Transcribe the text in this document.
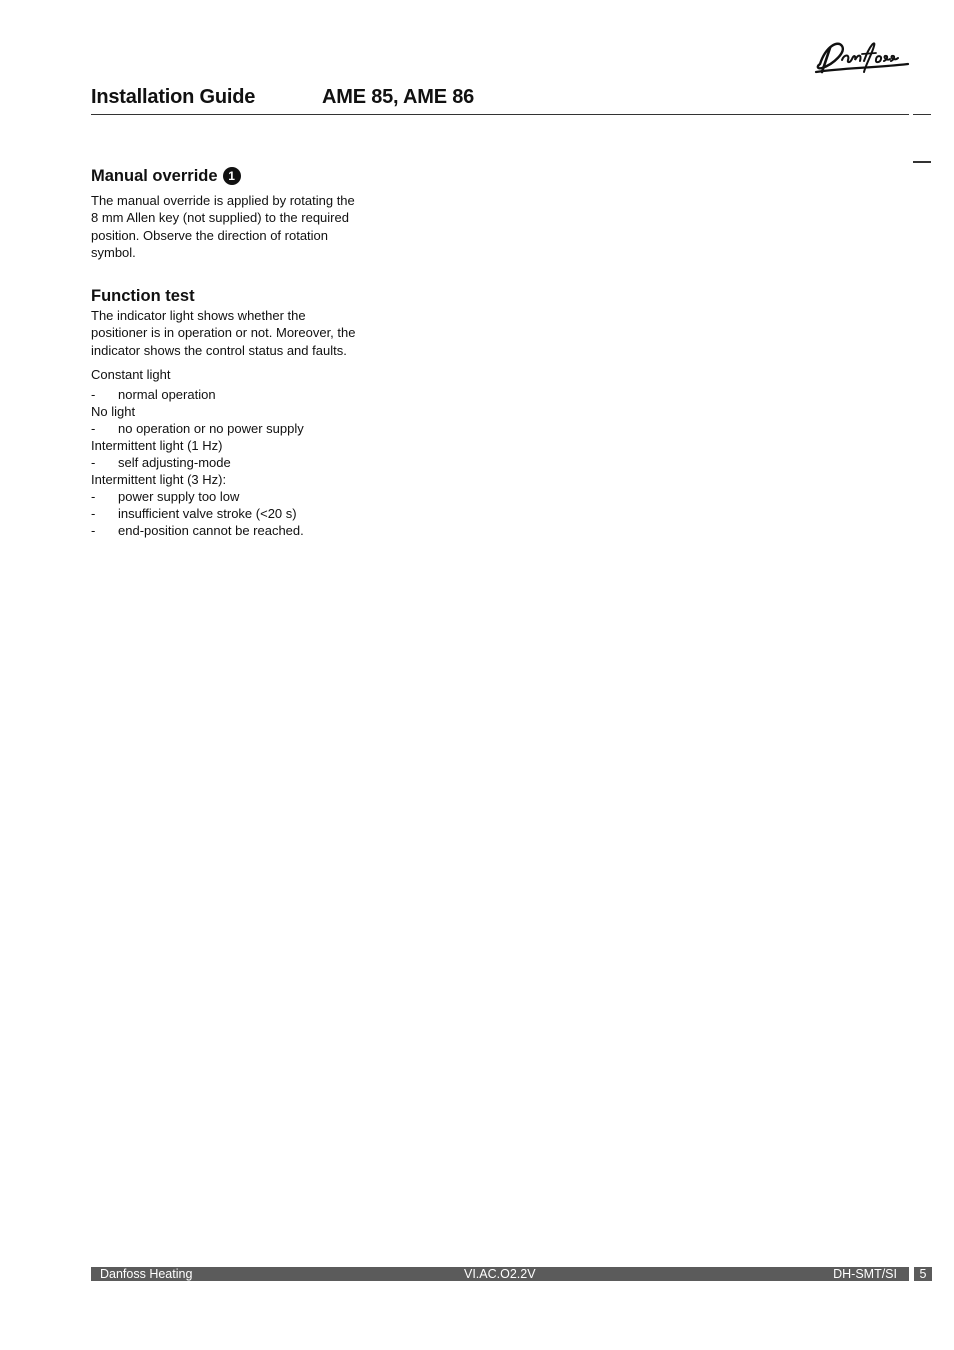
Installation Guide	AME 85, AME 86
Manual override 1

The manual override is applied by rotating the 8 mm Allen key (not supplied) to the required position. Observe the direction of rotation symbol.

Function test

The indicator light shows whether the positioner is in operation or not. Moreover, the indicator shows the control status and faults.

Constant light
-	normal operation
No light
-	no operation or no power supply
Intermittent light (1 Hz)
-	self adjusting-mode
Intermittent light (3 Hz):
-	power supply too low
-	insufficient valve stroke (<20 s)
-	end-position cannot be reached.
Danfoss Heating	VI.AC.O2.2V	DH-SMT/SI	5
